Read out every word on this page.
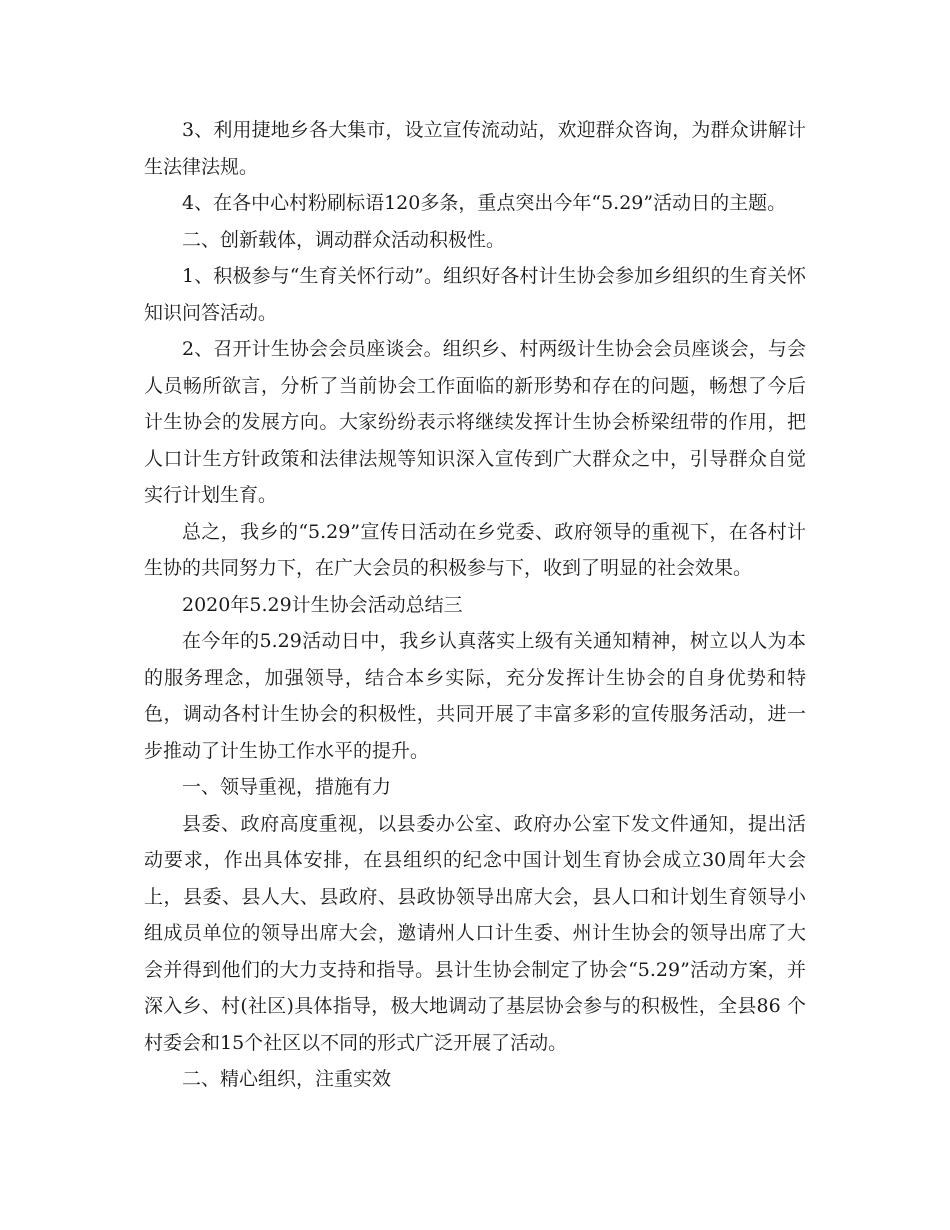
3、利用捷地乡各大集市，设立宣传流动站，欢迎群众咨询，为群众讲解计生法律法规。

4、在各中心村粉刷标语120多条，重点突出今年“5.29”活动日的主题。

二、创新载体，调动群众活动积极性。

1、积极参与“生育关怀行动”。组织好各村计生协会参加乡组织的生育关怀知识问答活动。

2、召开计生协会会员座谈会。组织乡、村两级计生协会会员座谈会，与会人员畅所欲言，分析了当前协会工作面临的新形势和存在的问题，畅想了今后计生协会的发展方向。大家纷纷表示将继续发挥计生协会桥梁纽带的作用，把人口计生方针政策和法律法规等知识深入宣传到广大群众之中，引导群众自觉实行计划生育。

总之，我乡的“5.29”宣传日活动在乡党委、政府领导的重视下，在各村计生协的共同努力下，在广大会员的积极参与下，收到了明显的社会效果。

2020年5.29计生协会活动总结三

在今年的5.29活动日中，我乡认真落实上级有关通知精神，树立以人为本的服务理念，加强领导，结合本乡实际，充分发挥计生协会的自身优势和特色，调动各村计生协会的积极性，共同开展了丰富多彩的宣传服务活动，进一步推动了计生协工作水平的提升。

一、领导重视，措施有力

县委、政府高度重视，以县委办公室、政府办公室下发文件通知，提出活动要求，作出具体安排，在县组织的纪念中国计划生育协会成立30周年大会上，县委、县人大、县政府、县政协领导出席大会，县人口和计划生育领导小组成员单位的领导出席大会，邀请州人口计生委、州计生协会的领导出席了大会并得到他们的大力支持和指导。县计生协会制定了协会“5.29”活动方案，并深入乡、村(社区)具体指导，极大地调动了基层协会参与的积极性，全县86 个村委会和15个社区以不同的形式广泛开展了活动。

二、精心组织，注重实效
